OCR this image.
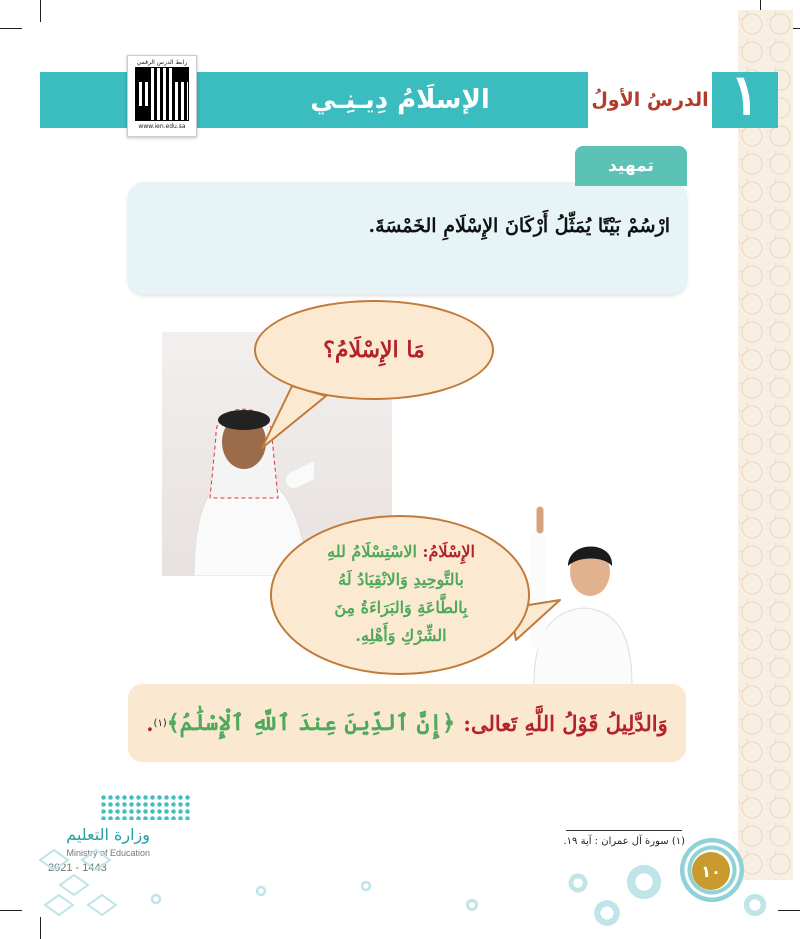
الدرسُ الأولُ ١
الإسلَامُ دِيـنِـي
رابط الدرس الرقمي
www.ien.edu.sa
تمهيد
ارْسُمْ بَيْتًا يُمَثِّلُ أَرْكَانَ الإِسْلَامِ الخَمْسَةَ.
مَا الإِسْلَامُ؟
الإِسْلَامُ: الاسْتِسْلَامُ للهِ
بالتَّوحِيدِ وَالانْقِيَادُ لَهُ
بِالطَّاعَةِ وَالبَرَاءَةُ مِنَ
الشِّرْكِ وَأَهْلِهِ.
وَالدَّلِيلُ قَوْلُ اللَّهِ تَعالى:
﴿إِنَّ ٱلدِّينَ عِندَ ٱللَّهِ ٱلْإِسْلَٰمُ﴾
(١)
.
(١) سورة آل عمران : آية ١٩.
١٠
وزارة التعليم
Ministry of Education
2021 - 1443
